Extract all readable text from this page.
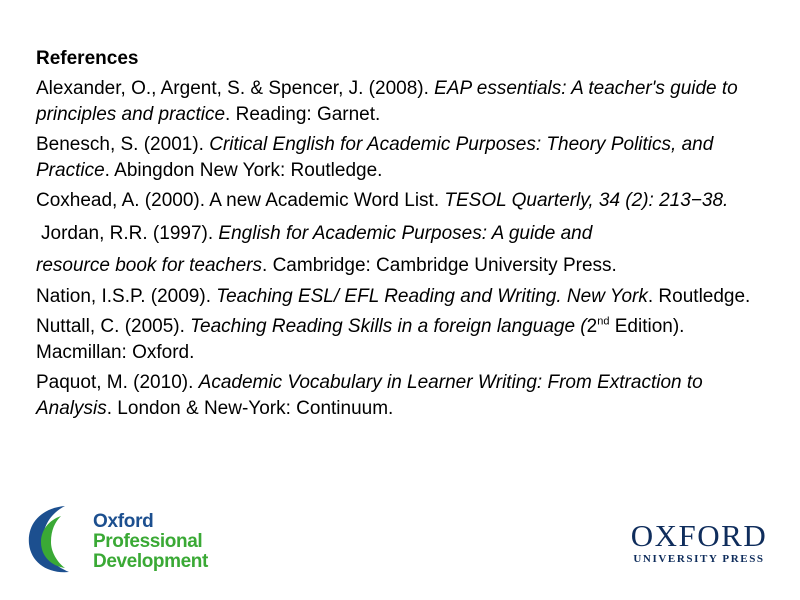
References
Alexander, O., Argent, S. & Spencer, J. (2008). EAP essentials: A teacher's guide to principles and practice. Reading: Garnet.
Benesch, S. (2001). Critical English for Academic Purposes: Theory Politics, and Practice. Abingdon New York: Routledge.
Coxhead, A. (2000). A new Academic Word List. TESOL Quarterly, 34 (2): 213−38.
Jordan, R.R. (1997). English for Academic Purposes: A guide and
resource book for teachers. Cambridge: Cambridge University Press.
Nation, I.S.P. (2009). Teaching ESL/ EFL Reading and Writing. New York. Routledge.
Nuttall, C. (2005). Teaching Reading Skills in a foreign language (2nd Edition). Macmillan: Oxford.
Paquot, M. (2010). Academic Vocabulary in Learner Writing: From Extraction to Analysis. London & New-York: Continuum.
Oxford
Professional
Development
OXFORD
UNIVERSITY PRESS
